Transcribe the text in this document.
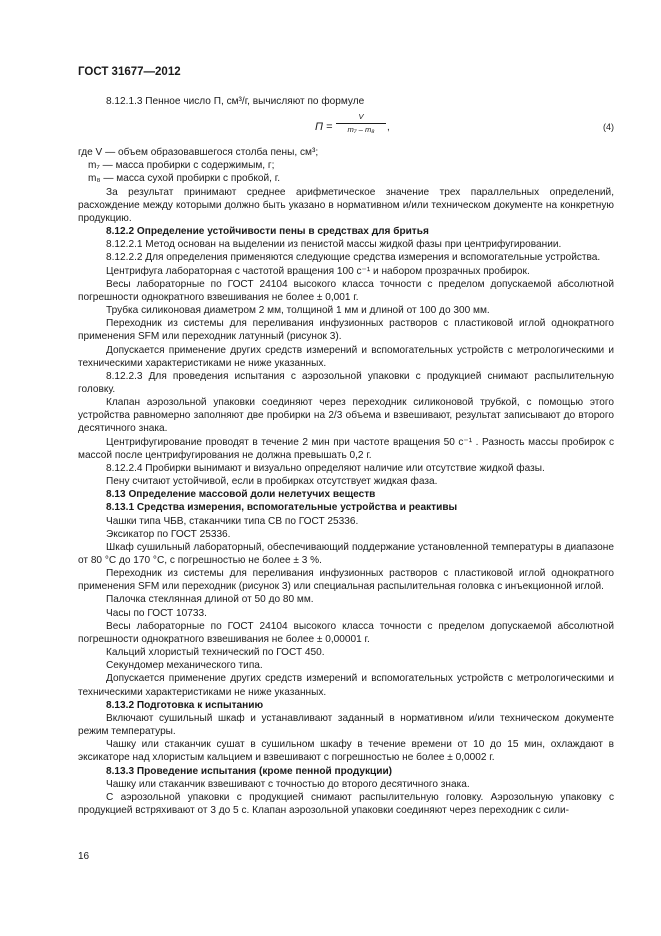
ГОСТ 31677—2012

8.12.1.3 Пенное число П, см³/г, вычисляют по формуле

П =
V
m₇ – m₈	,	(4)

где V — объем образовавшегося столба пены, см³;

m₇ — масса пробирки с содержимым, г;

m₈ — масса сухой пробирки с пробкой, г.

За результат принимают среднее арифметическое значение трех параллельных определений, расхождение между которыми должно быть указано в нормативном и/или техническом документе на конкретную продукцию.

8.12.2 Определение устойчивости пены в средствах для бритья

8.12.2.1 Метод основан на выделении из пенистой массы жидкой фазы при центрифугировании.

8.12.2.2 Для определения применяются следующие средства измерения и вспомогательные устройства.

Центрифуга лабораторная с частотой вращения 100 с⁻¹ и набором прозрачных пробирок.

Весы лабораторные по ГОСТ 24104 высокого класса точности с пределом допускаемой абсолютной погрешности однократного взвешивания не более ± 0,001 г.

Трубка силиконовая диаметром 2 мм, толщиной 1 мм и длиной от 100 до 300 мм.

Переходник из системы для переливания инфузионных растворов с пластиковой иглой однократного применения SFM или переходник латунный (рисунок 3).

Допускается применение других средств измерений и вспомогательных устройств с метрологическими и техническими характеристиками не ниже указанных.

8.12.2.3 Для проведения испытания с аэрозольной упаковки с продукцией снимают распылительную головку.

Клапан аэрозольной упаковки соединяют через переходник силиконовой трубкой, с помощью этого устройства равномерно заполняют две пробирки на 2/3 объема и взвешивают, результат записывают до второго десятичного знака.

Центрифугирование проводят в течение 2 мин при частоте вращения 50 с⁻¹ . Разность массы пробирок с массой после центрифугирования не должна превышать 0,2 г.

8.12.2.4 Пробирки вынимают и визуально определяют наличие или отсутствие жидкой фазы.

Пену считают устойчивой, если в пробирках отсутствует жидкая фаза.

8.13 Определение массовой доли нелетучих веществ

8.13.1 Средства измерения, вспомогательные устройства и реактивы

Чашки типа ЧБВ, стаканчики типа СВ по ГОСТ 25336.

Эксикатор по ГОСТ 25336.

Шкаф сушильный лабораторный, обеспечивающий поддержание установленной температуры в диапазоне от 80 °С до 170 °С, с погрешностью не более ± 3 %.

Переходник из системы для переливания инфузионных растворов с пластиковой иглой однократного применения SFM или переходник (рисунок 3) или специальная распылительная головка с инъекционной иглой.

Палочка стеклянная длиной от 50 до 80 мм.

Часы по ГОСТ 10733.

Весы лабораторные по ГОСТ 24104 высокого класса точности с пределом допускаемой абсолютной погрешности однократного взвешивания не более ± 0,00001 г.

Кальций хлористый технический по ГОСТ 450.

Секундомер механического типа.

Допускается применение других средств измерений и вспомогательных устройств с метрологическими и техническими характеристиками не ниже указанных.

8.13.2 Подготовка к испытанию

Включают сушильный шкаф и устанавливают заданный в нормативном и/или техническом документе режим температуры.

Чашку или стаканчик сушат в сушильном шкафу в течение времени от 10 до 15 мин, охлаждают в эксикаторе над хлористым кальцием и взвешивают с погрешностью не более ± 0,0002 г.

8.13.3 Проведение испытания (кроме пенной продукции)

Чашку или стаканчик взвешивают с точностью до второго десятичного знака.

С аэрозольной упаковки с продукцией снимают распылительную головку. Аэрозольную упаковку с продукцией встряхивают от 3 до 5 с. Клапан аэрозольной упаковки соединяют через переходник с сили-

16
